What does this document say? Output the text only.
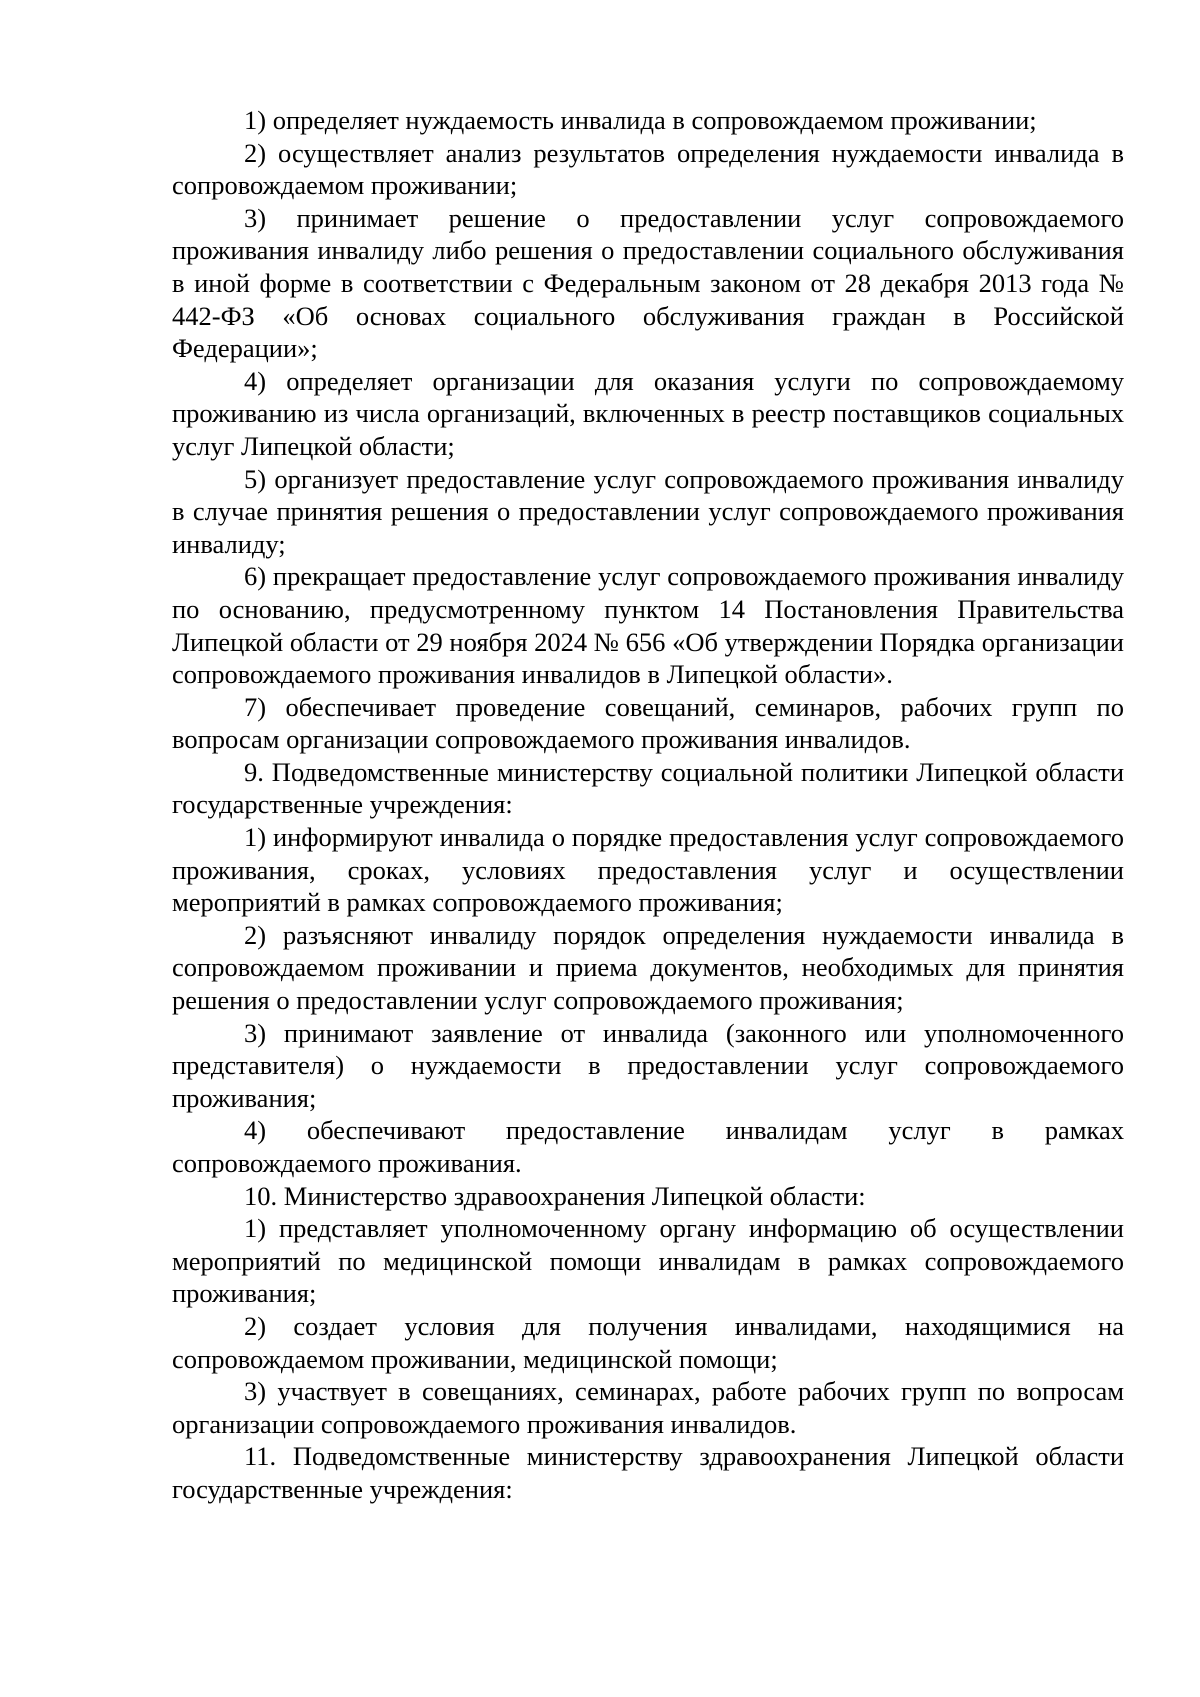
1) определяет нуждаемость инвалида в сопровождаемом проживании;

2) осуществляет анализ результатов определения нуждаемости инвалида в сопровождаемом проживании;

3) принимает решение о предоставлении услуг сопровождаемого проживания инвалиду либо решения о предоставлении социального обслуживания в иной форме в соответствии с Федеральным законом от 28 декабря 2013 года № 442-ФЗ «Об основах социального обслуживания граждан в Российской Федерации»;

4) определяет организации для оказания услуги по сопровождаемому проживанию из числа организаций, включенных в реестр поставщиков социальных услуг Липецкой области;

5) организует предоставление услуг сопровождаемого проживания инвалиду в случае принятия решения о предоставлении услуг сопровождаемого проживания инвалиду;

6) прекращает предоставление услуг сопровождаемого проживания инвалиду по основанию, предусмотренному пунктом 14 Постановления Правительства Липецкой области от 29 ноября 2024 № 656 «Об утверждении Порядка организации сопровождаемого проживания инвалидов в Липецкой области».

7) обеспечивает проведение совещаний, семинаров, рабочих групп по вопросам организации сопровождаемого проживания инвалидов.

9. Подведомственные министерству социальной политики Липецкой области государственные учреждения:

1) информируют инвалида о порядке предоставления услуг сопровождаемого проживания, сроках, условиях предоставления услуг и осуществлении мероприятий в рамках сопровождаемого проживания;

2) разъясняют инвалиду порядок определения нуждаемости инвалида в сопровождаемом проживании и приема документов, необходимых для принятия решения о предоставлении услуг сопровождаемого проживания;

3) принимают заявление от инвалида (законного или уполномоченного представителя) о нуждаемости в предоставлении услуг сопровождаемого проживания;

4) обеспечивают предоставление инвалидам услуг в рамках сопровождаемого проживания.

10. Министерство здравоохранения Липецкой области:

1) представляет уполномоченному органу информацию об осуществлении мероприятий по медицинской помощи инвалидам в рамках сопровождаемого проживания;

2) создает условия для получения инвалидами, находящимися на сопровождаемом проживании, медицинской помощи;

3) участвует в совещаниях, семинарах, работе рабочих групп по вопросам организации сопровождаемого проживания инвалидов.

11. Подведомственные министерству здравоохранения Липецкой области государственные учреждения:
